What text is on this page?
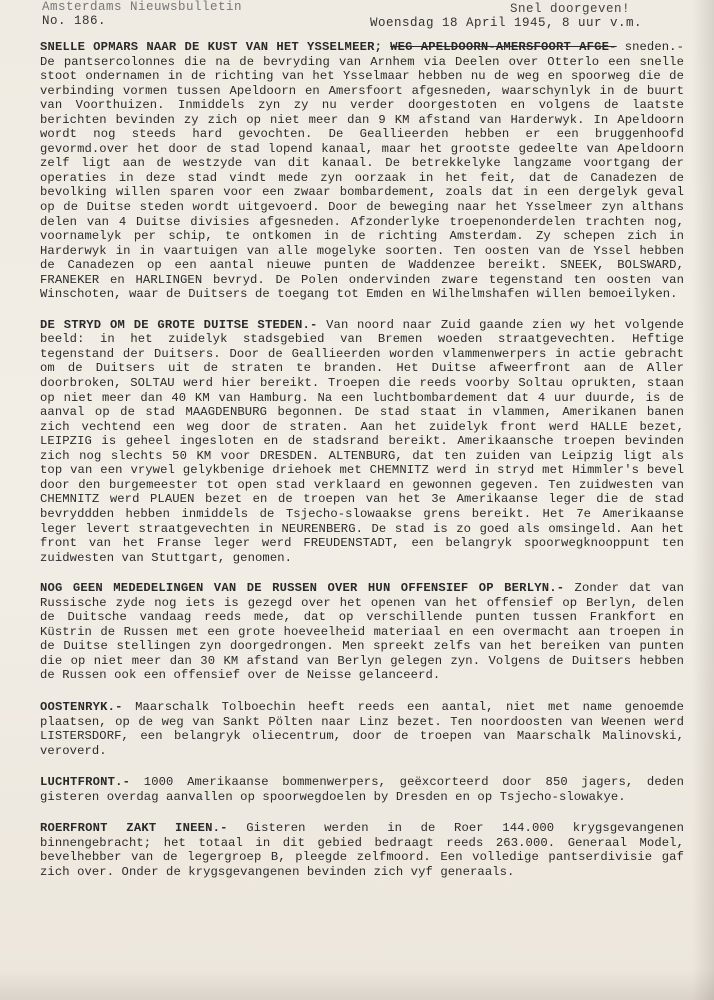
Amsterdams Nieuwsbulletin
No. 186.
Snel doorgeven!
Woensdag 18 April 1945, 8 uur v.m.

SNELLE OPMARS NAAR DE KUST VAN HET YSSELMEER; WEG APELDOORN-AMERSFOORT AFGE- sneden.- De pantsercolonnes die na de bevryding van Arnhem via Deelen over Otterlo een snelle stoot ondernamen in de richting van het Ysselmaar hebben nu de weg en spoorweg die de verbinding vormen tussen Apeldoorn en Amersfoort afgesneden, waarschynlyk in de buurt van Voorthuizen. Inmiddels zyn zy nu verder doorgestoten en volgens de laatste berichten bevinden zy zich op niet meer dan 9 KM afstand van Harderwyk. In Apeldoorn wordt nog steeds hard gevochten. De Geallieerden hebben er een bruggenhoofd gevormd.over het door de stad lopend kanaal, maar het grootste gedeelte van Apeldoorn zelf ligt aan de westzyde van dit kanaal. De betrekkelyke langzame voortgang der operaties in deze stad vindt mede zyn oorzaak in het feit, dat de Canadezen de bevolking willen sparen voor een zwaar bombardement, zoals dat in een dergelyk geval op de Duitse steden wordt uitgevoerd. Door de beweging naar het Ysselmeer zyn althans delen van 4 Duitse divisies afgesneden. Afzonderlyke troepenonderdelen trachten nog, voornamelyk per schip, te ontkomen in de richting Amsterdam. Zy schepen zich in Harderwyk in in vaartuigen van alle mogelyke soorten. Ten oosten van de Yssel hebben de Canadezen op een aantal nieuwe punten de Waddenzee bereikt. SNEEK, BOLSWARD, FRANEKER en HARLINGEN bevryd. De Polen ondervinden zware tegenstand ten oosten van Winschoten, waar de Duitsers de toegang tot Emden en Wilhelmshafen willen bemoeilyken.

DE STRYD OM DE GROTE DUITSE STEDEN.- Van noord naar Zuid gaande zien wy het volgende beeld: in het zuidelyk stadsgebied van Bremen woeden straatgevechten. Heftige tegenstand der Duitsers. Door de Geallieerden worden vlammenwerpers in actie gebracht om de Duitsers uit de straten te branden. Het Duitse afweerfront aan de Aller doorbroken, SOLTAU werd hier bereikt. Troepen die reeds voorby Soltau oprukten, staan op niet meer dan 40 KM van Hamburg. Na een luchtbombardement dat 4 uur duurde, is de aanval op de stad MAAGDENBURG begonnen. De stad staat in vlammen, Amerikanen banen zich vechtend een weg door de straten. Aan het zuidelyk front werd HALLE bezet, LEIPZIG is geheel ingesloten en de stadsrand bereikt. Amerikaansche troepen bevinden zich nog slechts 50 KM voor DRESDEN. ALTENBURG, dat ten zuiden van Leipzig ligt als top van een vrywel gelykbenige driehoek met CHEMNITZ werd in stryd met Himmler's bevel door den burgemeester tot open stad verklaard en gewonnen gegeven. Ten zuidwesten van CHEMNITZ werd PLAUEN bezet en de troepen van het 3e Amerikaanse leger die de stad bevryddden hebben inmiddels de Tsjecho-slowaakse grens bereikt. Het 7e Amerikaanse leger levert straatgevechten in NEURENBERG. De stad is zo goed als omsingeld. Aan het front van het Franse leger werd FREUDENSTADT, een belangryk spoorwegknooppunt ten zuidwesten van Stuttgart, genomen.

NOG GEEN MEDEDELINGEN VAN DE RUSSEN OVER HUN OFFENSIEF OP BERLYN.- Zonder dat van Russische zyde nog iets is gezegd over het openen van het offensief op Berlyn, delen de Duitsche vandaag reeds mede, dat op verschillende punten tussen Frankfort en Küstrin de Russen met een grote hoeveelheid materiaal en een overmacht aan troepen in de Duitse stellingen zyn doorgedrongen. Men spreekt zelfs van het bereiken van punten die op niet meer dan 30 KM afstand van Berlyn gelegen zyn. Volgens de Duitsers hebben de Russen ook een offensief over de Neisse gelanceerd.

OOSTENRYK.- Maarschalk Tolboechin heeft reeds een aantal, niet met name genoemde plaatsen, op de weg van Sankt Pölten naar Linz bezet. Ten noordoosten van Weenen werd LISTERSDORF, een belangryk oliecentrum, door de troepen van Maarschalk Malinovski, veroverd.

LUCHTFRONT.- 1000 Amerikaanse bommenwerpers, geëxcorteerd door 850 jagers, deden gisteren overdag aanvallen op spoorwegdoelen by Dresden en op Tsjecho-slowakye.

ROERFRONT ZAKT INEEN.- Gisteren werden in de Roer 144.000 krygsgevangenen binnengebracht; het totaal in dit gebied bedraagt reeds 263.000. Generaal Model, bevelhebber van de legergroep B, pleegde zelfmoord. Een volledige pantserdivisie gaf zich over. Onder de krygsgevangenen bevinden zich vyf generaals.
